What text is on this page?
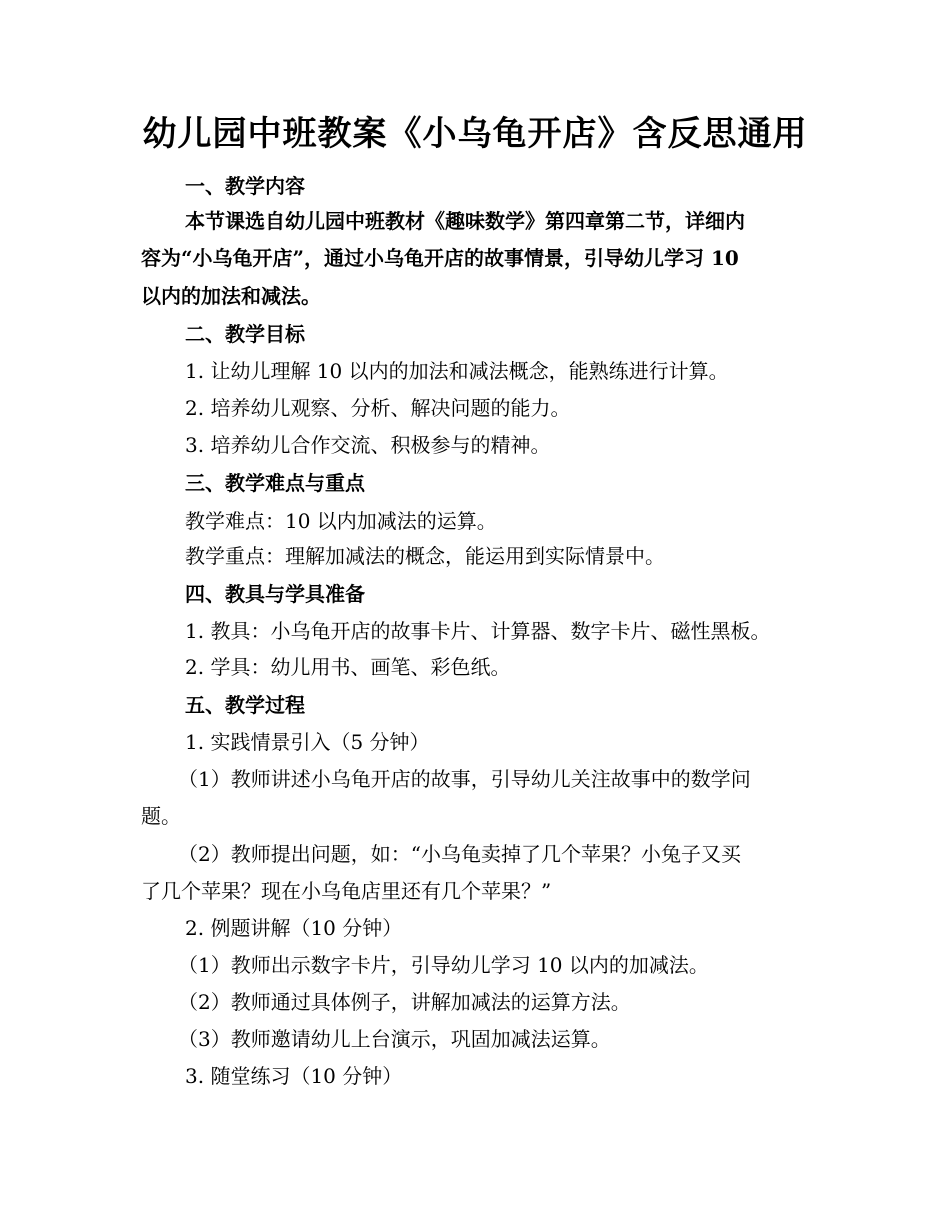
幼儿园中班教案《小乌龟开店》含反思通用
一、教学内容
本节课选自幼儿园中班教材《趣味数学》第四章第二节，详细内
容为“小乌龟开店”，通过小乌龟开店的故事情景，引导幼儿学习 10
以内的加法和减法。
二、教学目标
1. 让幼儿理解 10 以内的加法和减法概念，能熟练进行计算。
2. 培养幼儿观察、分析、解决问题的能力。
3. 培养幼儿合作交流、积极参与的精神。
三、教学难点与重点
教学难点：10 以内加减法的运算。
教学重点：理解加减法的概念，能运用到实际情景中。
四、教具与学具准备
1. 教具：小乌龟开店的故事卡片、计算器、数字卡片、磁性黑板。
2. 学具：幼儿用书、画笔、彩色纸。
五、教学过程
1. 实践情景引入（5 分钟）
（1）教师讲述小乌龟开店的故事，引导幼儿关注故事中的数学问
题。
（2）教师提出问题，如：“小乌龟卖掉了几个苹果？小兔子又买
了几个苹果？现在小乌龟店里还有几个苹果？”
2. 例题讲解（10 分钟）
（1）教师出示数字卡片，引导幼儿学习 10 以内的加减法。
（2）教师通过具体例子，讲解加减法的运算方法。
（3）教师邀请幼儿上台演示，巩固加减法运算。
3. 随堂练习（10 分钟）
